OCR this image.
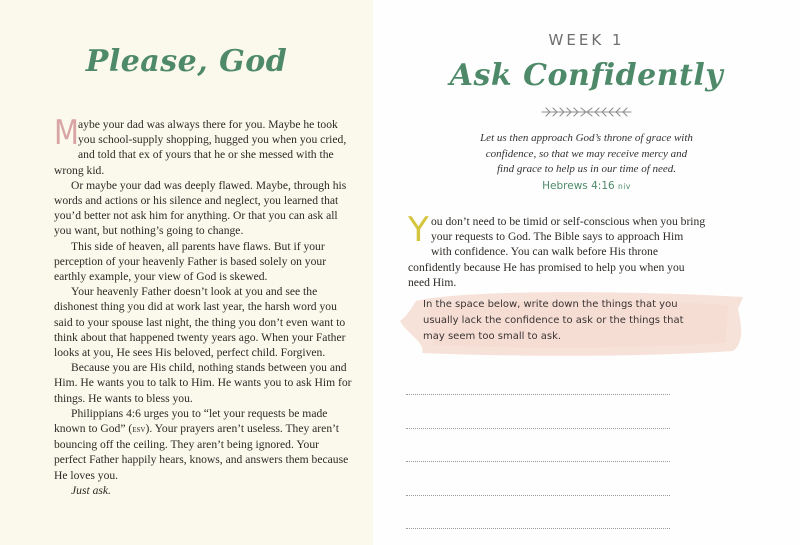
Please, God

Maybe your dad was always there for you. Maybe he took you school-supply shopping, hugged you when you cried, and told that ex of yours that he or she messed with the wrong kid.

Or maybe your dad was deeply flawed. Maybe, through his words and actions or his silence and neglect, you learned that you’d better not ask him for anything. Or that you can ask all you want, but nothing’s going to change.

This side of heaven, all parents have flaws. But if your perception of your heavenly Father is based solely on your earthly example, your view of God is skewed.

Your heavenly Father doesn’t look at you and see the dishonest thing you did at work last year, the harsh word you said to your spouse last night, the thing you don’t even want to think about that happened twenty years ago. When your Father looks at you, He sees His beloved, perfect child. Forgiven.

Because you are His child, nothing stands between you and Him. He wants you to talk to Him. He wants you to ask Him for things. He wants to bless you.

Philippians 4:6 urges you to “let your requests be made known to God” (esv). Your prayers aren’t useless. They aren’t bouncing off the ceiling. They aren’t being ignored. Your perfect Father happily hears, knows, and answers them because He loves you.

Just ask.

WEEK 1
Ask Confidently
Let us then approach God’s throne of grace with
confidence, so that we may receive mercy and
find grace to help us in our time of need.
Hebrews 4:16 niv

You don’t need to be timid or self-conscious when you bring your requests to God. The Bible says to approach Him with confidence. You can walk before His throne confidently because He has promised to help you when you need Him.

In the space below, write down the things that you usually lack the confidence to ask or the things that may seem too small to ask.
